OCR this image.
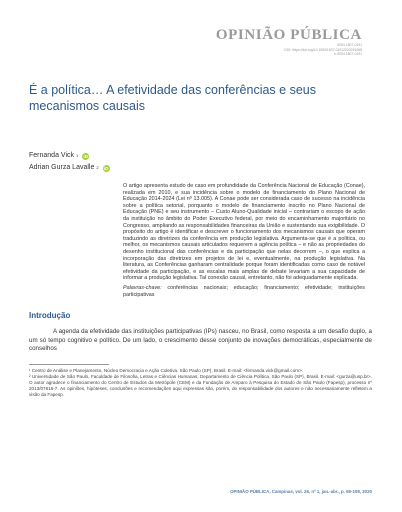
OPINIÃO PÚBLICA
ISSN 1807-0191
DOI: https://doi.org/10.1590/1807-01912020261068
e-ISSN 1807-0191
É a política… A efetividade das conferências e seus mecanismos causais
Fernanda Vick 1 iD
Adrian Gurza Lavalle 2 iD

O artigo apresenta estudo de caso em profundidade da Conferência Nacional de Educação (Conae), realizada em 2010, e sua incidência sobre o modelo de financiamento do Plano Nacional de Educação 2014-2024 (Lei nº 13.005). A Conae pode ser considerada caso de sucesso na incidência sobre a política setorial, porquanto o modelo de financiamento inscrito no Plano Nacional de Educação (PNE) e seu instrumento – Custo Aluno-Qualidade inicial – contrariam o escopo de ação da instituição no âmbito do Poder Executivo federal, por meio do encaminhamento majoritário no Congresso, ampliando as responsabilidades financeiras da União e sustentando sua exigibilidade. O propósito do artigo é identificar e descrever o funcionamento dos mecanismos causais que operam traduzindo as diretrizes da conferência em produção legislativa. Argumenta-se que é a política, ou melhor, os mecanismos causais articulados requerem a agência política – e não as propriedades do desenho institucional das conferências e da participação que nelas decorrem –, o que explica a incorporação das diretrizes em projetos de lei e, eventualmente, na produção legislativa. Na literatura, as Conferências ganharam centralidade porque foram identificadas como caso de notável efetividade da participação, e as escalas mais amplas de debate levariam a sua capacidade de informar a produção legislativa. Tal conexão causal, entretanto, não foi adequadamente explicada.

Palavras-chave: conferências nacionais; educação; financiamento; efetividade; instituições participativas

Introdução

A agenda da efetividade das instituições participativas (IPs) nasceu, no Brasil, como resposta a um desafio duplo, a um só tempo cognitivo e político. De um lado, o crescimento desse conjunto de inovações democráticas, especialmente de conselhos

¹ Centro de Análise e Planejamento, Núcleo Democracia e Ação Coletiva. São Paulo (SP), Brasil. E-mail: <fernanda.vick@gmail.com>.

² Universidade de São Paulo, Faculdade de Filosofia, Letras e Ciências Humanas, Departamento de Ciência Política. São Paulo (SP), Brasil. E-mail: <gurza@usp.br>. O autor agradece o financiamento do Centro de Estudos da Metrópole (CEM) e da Fundação de Amparo à Pesquisa do Estado de São Paulo (Fapesp), processo nº 2013/07616-7. As opiniões, hipóteses, conclusões e recomendações aqui expressas são, porém, de responsabilidade dos autores e não necessariamente refletem a visão da Fapesp.

OPINIÃO PÚBLICA, Campinas, vol. 26, nº 1, jan.-abr., p. 69-108, 2020
